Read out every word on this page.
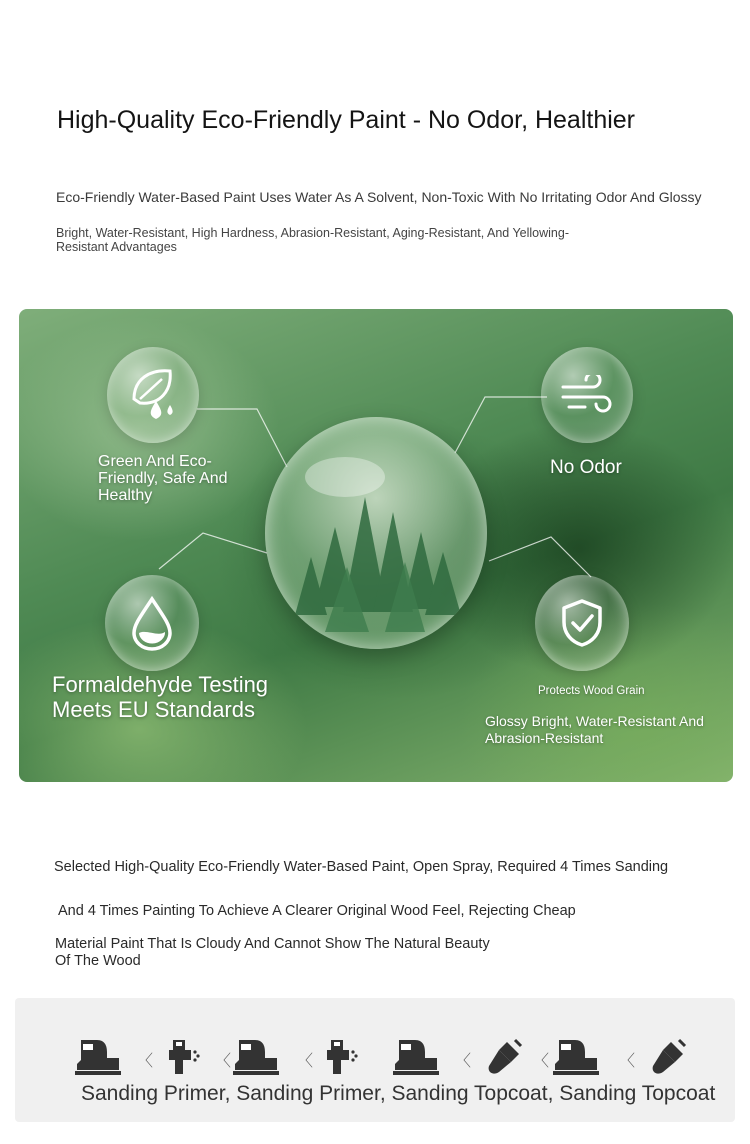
High-Quality Eco-Friendly Paint - No Odor, Healthier
Eco-Friendly Water-Based Paint Uses Water As A Solvent, Non-Toxic With No Irritating Odor And Glossy
Bright, Water-Resistant, High Hardness, Abrasion-Resistant, Aging-Resistant, And Yellowing-Resistant Advantages
Green And Eco-Friendly, Safe And Healthy
No Odor
Formaldehyde Testing Meets EU Standards
Protects Wood Grain
Glossy Bright, Water-Resistant And Abrasion-Resistant
Selected High-Quality Eco-Friendly Water-Based Paint, Open Spray, Required 4 Times Sanding
And 4 Times Painting To Achieve A Clearer Original Wood Feel, Rejecting Cheap
Material Paint That Is Cloudy And Cannot Show The Natural Beauty Of The Wood
〈	〈	〈	〈	〈	〈
Sanding Primer, Sanding Primer, Sanding Topcoat, Sanding Topcoat
